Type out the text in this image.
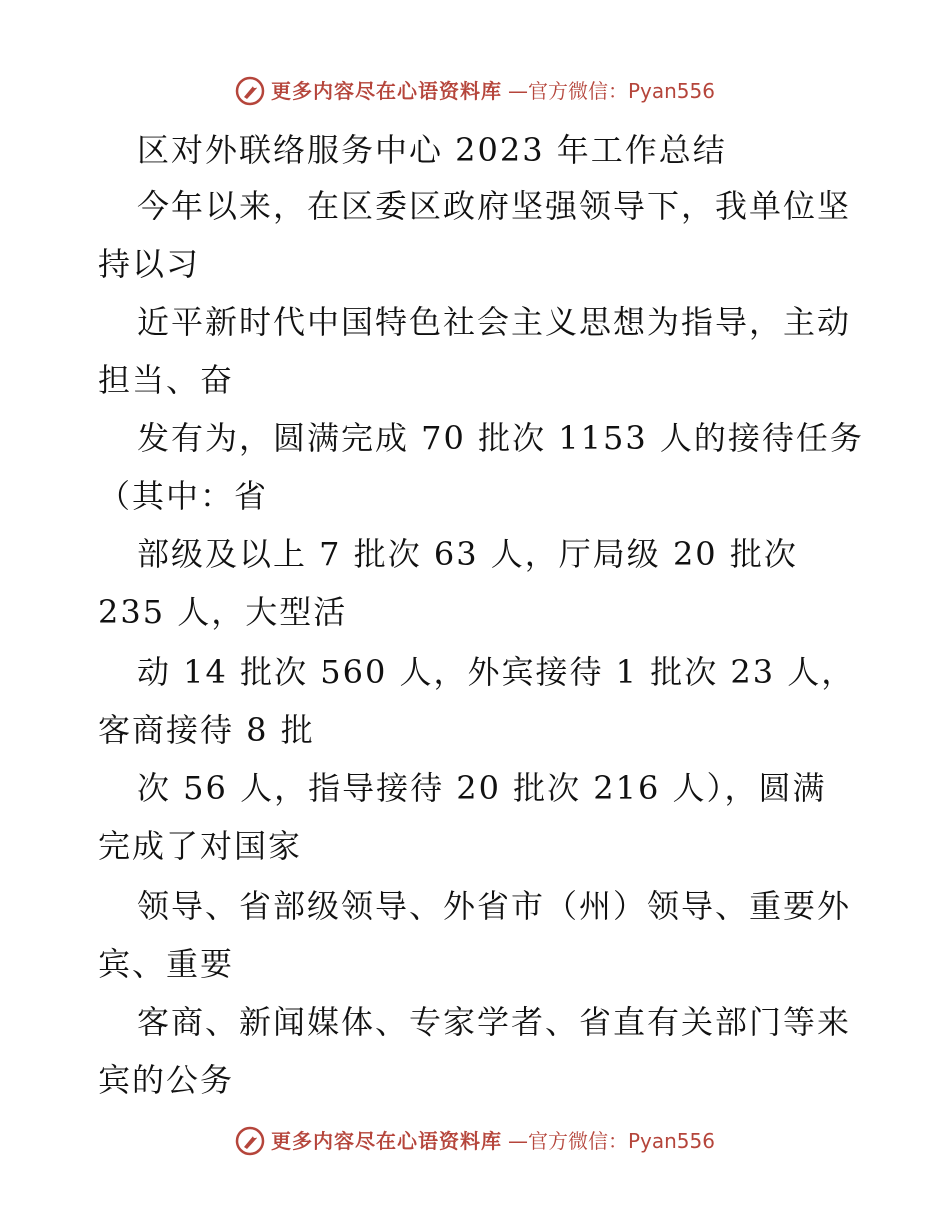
更多内容尽在心语资料库 —官方微信：Pyan556
区对外联络服务中心 2023 年工作总结
今年以来，在区委区政府坚强领导下，我单位坚
持以习
近平新时代中国特色社会主义思想为指导，主动
担当、奋
发有为，圆满完成 70 批次 1153 人的接待任务
（其中：省
部级及以上 7 批次 63 人，厅局级 20 批次
235 人，大型活
动 14 批次 560 人，外宾接待 1 批次 23 人，
客商接待 8 批
次 56 人，指导接待 20 批次 216 人），圆满
完成了对国家
领导、省部级领导、外省市（州）领导、重要外
宾、重要
客商、新闻媒体、专家学者、省直有关部门等来
宾的公务
更多内容尽在心语资料库 —官方微信：Pyan556
